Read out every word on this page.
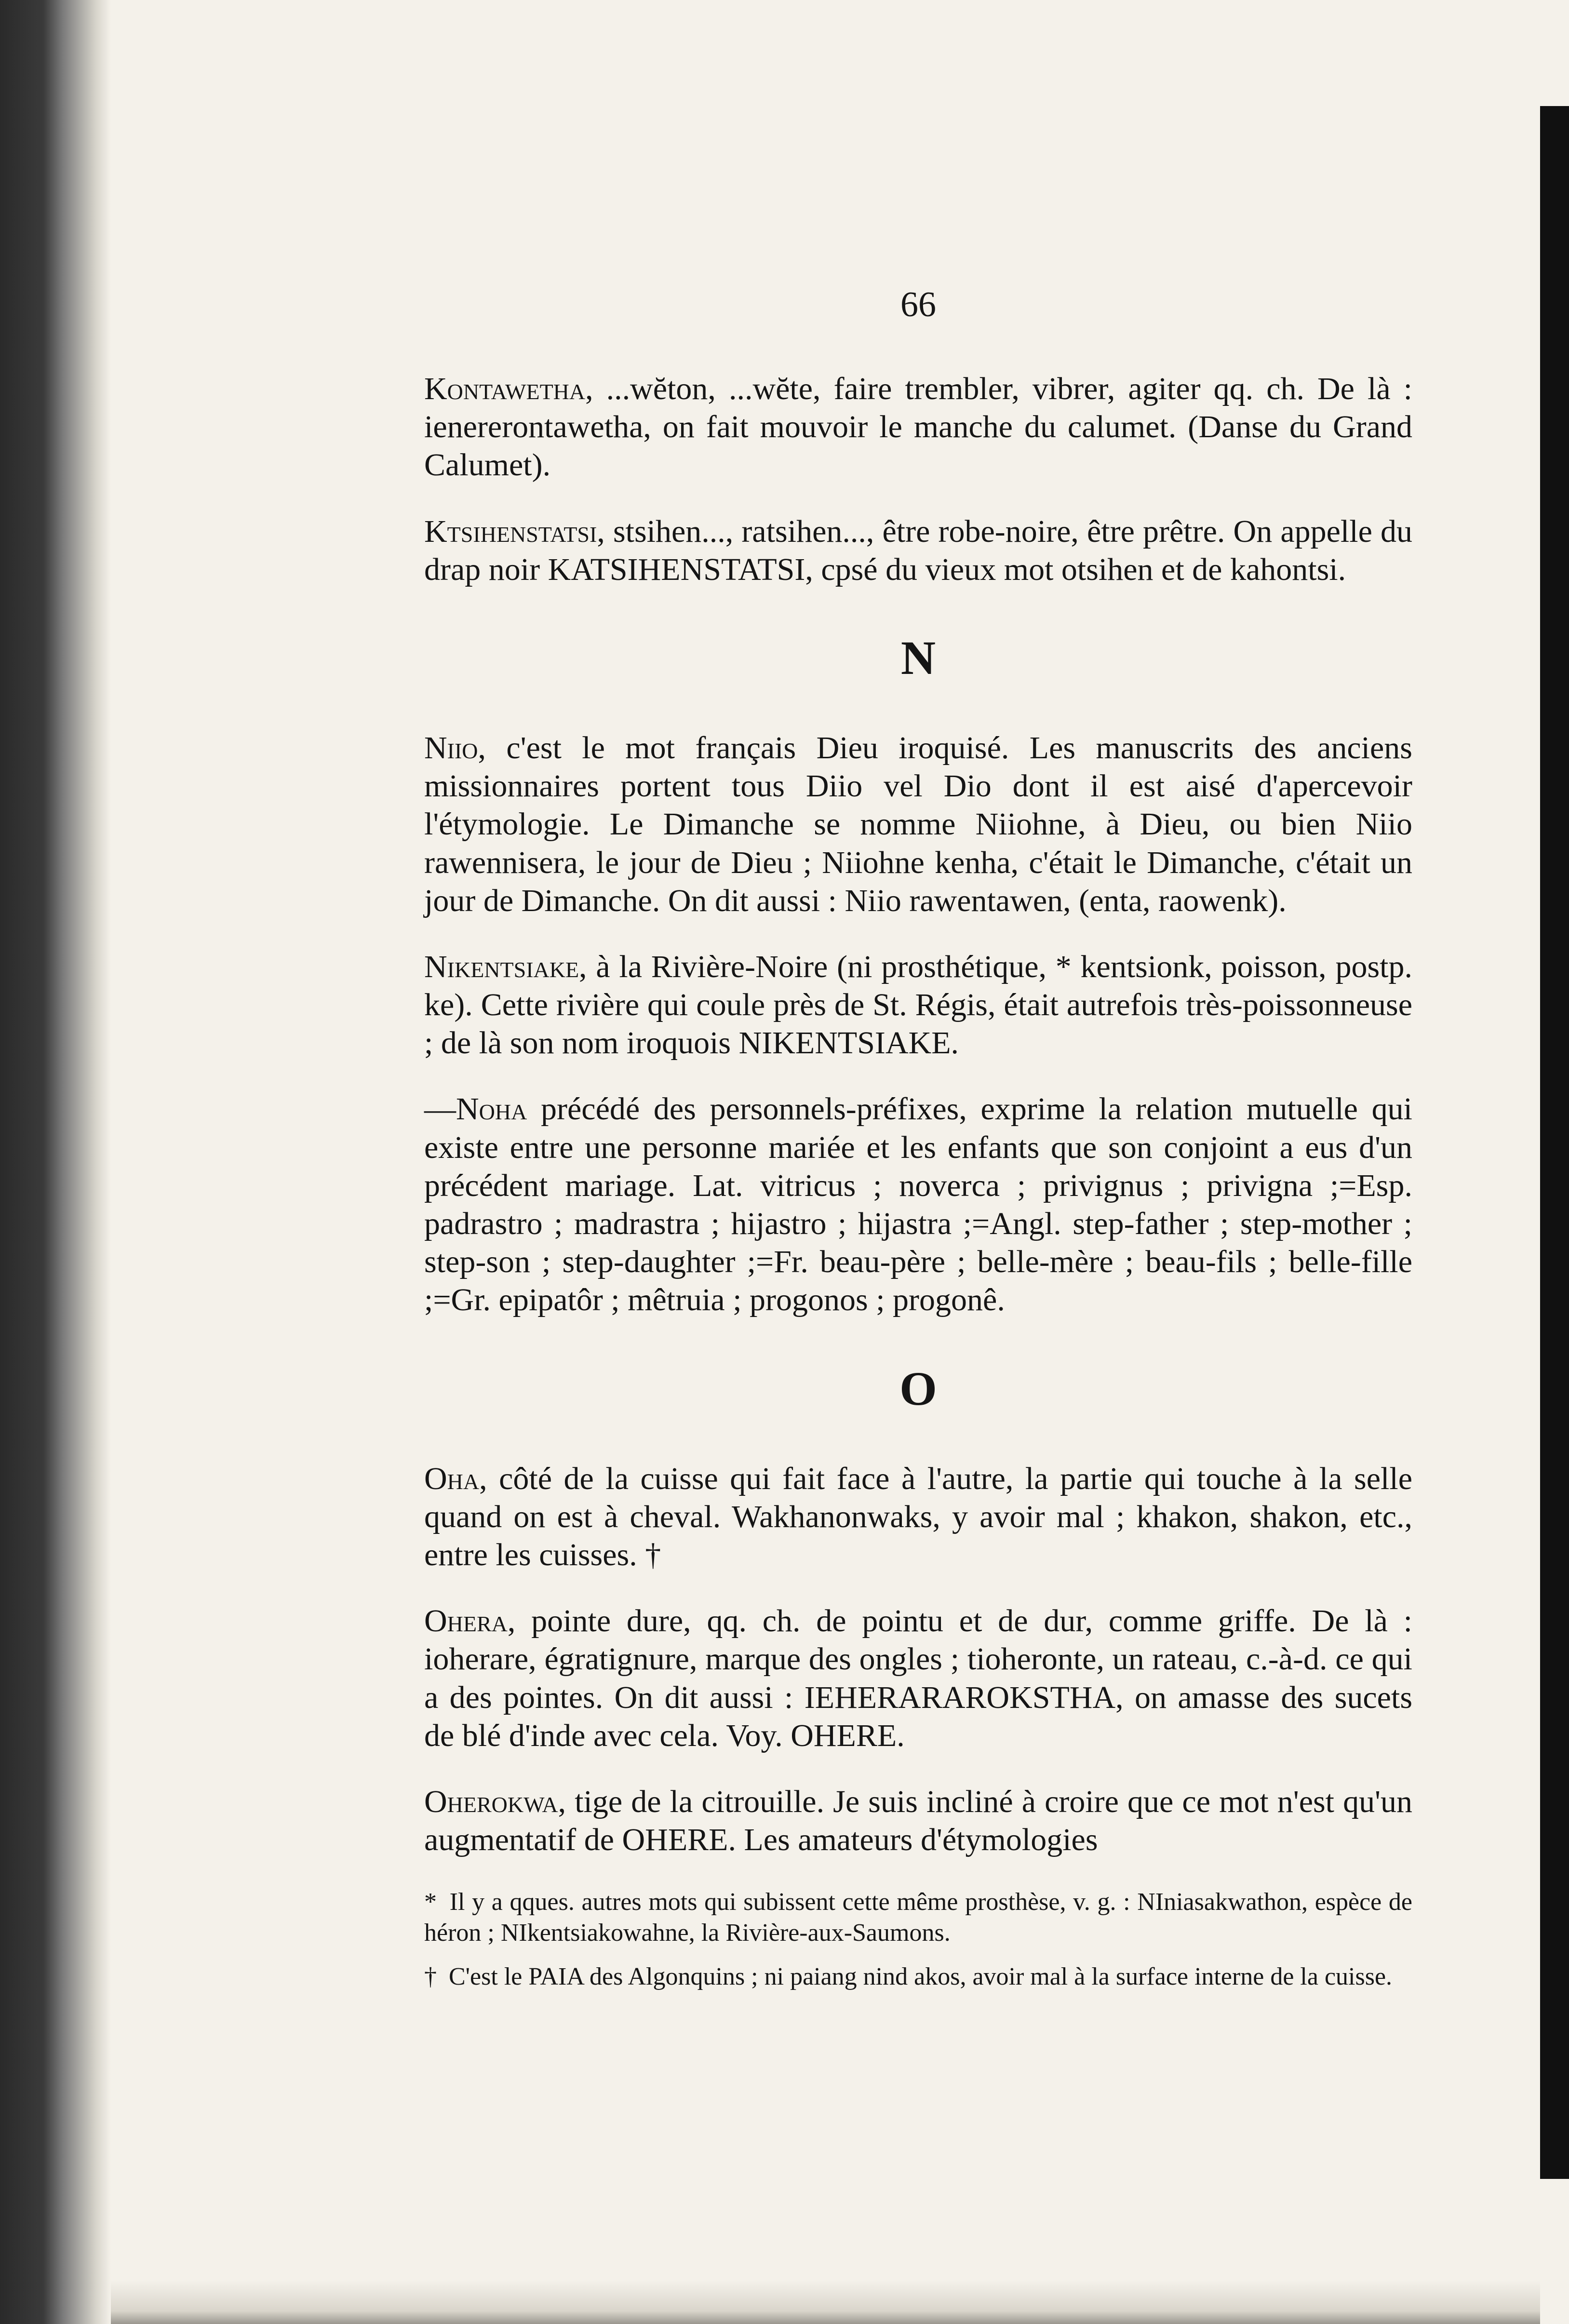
66

Kontawetha, ...wĕton, ...wĕte, faire trembler, vibrer, agiter qq. ch. De là : ienererontawetha, on fait mouvoir le manche du calumet. (Danse du Grand Calumet).

Ktsihenstatsi, stsihen..., ratsihen..., être robe-noire, être prêtre. On appelle du drap noir KATSIHENSTATSI, cpsé du vieux mot otsihen et de kahontsi.

N

Niio, c'est le mot français Dieu iroquisé. Les manuscrits des anciens missionnaires portent tous Diio vel Dio dont il est aisé d'apercevoir l'étymologie. Le Dimanche se nomme Niiohne, à Dieu, ou bien Niio rawennisera, le jour de Dieu ; Niiohne kenha, c'était le Dimanche, c'était un jour de Dimanche. On dit aussi : Niio rawentawen, (enta, raowenk).

Nikentsiake, à la Rivière-Noire (ni prosthétique, * kentsionk, poisson, postp. ke). Cette rivière qui coule près de St. Régis, était autrefois très-poissonneuse ; de là son nom iroquois NIKENTSIAKE.

—Noha précédé des personnels-préfixes, exprime la relation mutuelle qui existe entre une personne mariée et les enfants que son conjoint a eus d'un précédent mariage. Lat. vitricus ; noverca ; privignus ; privigna ;=Esp. padrastro ; madrastra ; hijastro ; hijastra ;=Angl. step-father ; step-mother ; step-son ; step-daughter ;=Fr. beau-père ; belle-mère ; beau-fils ; belle-fille ;=Gr. epipatôr ; mêtruia ; progonos ; progonê.

O

Oha, côté de la cuisse qui fait face à l'autre, la partie qui touche à la selle quand on est à cheval. Wakhanonwaks, y avoir mal ; khakon, shakon, etc., entre les cuisses. †

Ohera, pointe dure, qq. ch. de pointu et de dur, comme griffe. De là : ioherare, égratignure, marque des ongles ; tioheronte, un rateau, c.-à-d. ce qui a des pointes. On dit aussi : IEHERARAROKSTHA, on amasse des sucets de blé d'inde avec cela. Voy. OHERE.

Oherokwa, tige de la citrouille. Je suis incliné à croire que ce mot n'est qu'un augmentatif de OHERE. Les amateurs d'étymologies

* Il y a qques. autres mots qui subissent cette même prosthèse, v. g. : NIniasakwathon, espèce de héron ; NIkentsiakowahne, la Rivière-aux-Saumons.

† C'est le PAIA des Algonquins ; ni paiang nind akos, avoir mal à la surface interne de la cuisse.
